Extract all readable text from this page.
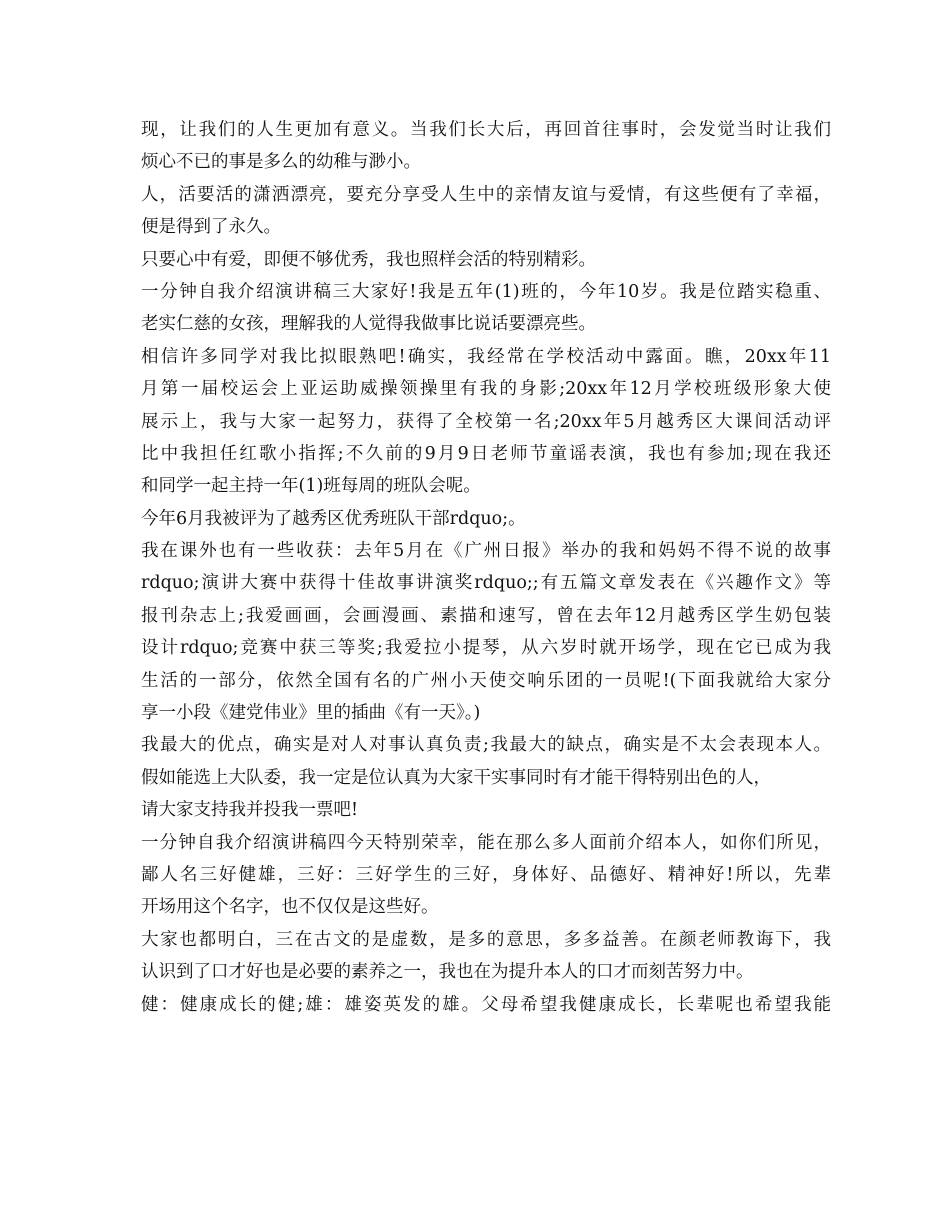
现，让我们的人生更加有意义。当我们长大后，再回首往事时，会发觉当时让我们
烦心不已的事是多么的幼稚与渺小。
人，活要活的潇洒漂亮，要充分享受人生中的亲情友谊与爱情，有这些便有了幸福，
便是得到了永久。
只要心中有爱，即便不够优秀，我也照样会活的特别精彩。
一分钟自我介绍演讲稿三大家好!我是五年(1)班的，今年10岁。我是位踏实稳重、
老实仁慈的女孩，理解我的人觉得我做事比说话要漂亮些。
相信许多同学对我比拟眼熟吧!确实，我经常在学校活动中露面。瞧，20xx年11
月第一届校运会上亚运助威操领操里有我的身影;20xx年12月学校班级形象大使
展示上，我与大家一起努力，获得了全校第一名;20xx年5月越秀区大课间活动评
比中我担任红歌小指挥;不久前的9月9日老师节童谣表演，我也有参加;现在我还
和同学一起主持一年(1)班每周的班队会呢。
今年6月我被评为了越秀区优秀班队干部rdquo;。
我在课外也有一些收获：去年5月在《广州日报》举办的我和妈妈不得不说的故事
rdquo;演讲大赛中获得十佳故事讲演奖rdquo;;有五篇文章发表在《兴趣作文》等
报刊杂志上;我爱画画，会画漫画、素描和速写，曾在去年12月越秀区学生奶包装
设计rdquo;竞赛中获三等奖;我爱拉小提琴，从六岁时就开场学，现在它已成为我
生活的一部分，依然全国有名的广州小天使交响乐团的一员呢!(下面我就给大家分
享一小段《建党伟业》里的插曲《有一天》。)
我最大的优点，确实是对人对事认真负责;我最大的缺点，确实是不太会表现本人。
假如能选上大队委，我一定是位认真为大家干实事同时有才能干得特别出色的人，
请大家支持我并投我一票吧!
一分钟自我介绍演讲稿四今天特别荣幸，能在那么多人面前介绍本人，如你们所见，
鄙人名三好健雄，三好：三好学生的三好，身体好、品德好、精神好!所以，先辈
开场用这个名字，也不仅仅是这些好。
大家也都明白，三在古文的是虚数，是多的意思，多多益善。在颜老师教诲下，我
认识到了口才好也是必要的素养之一，我也在为提升本人的口才而刻苦努力中。
健：健康成长的健;雄：雄姿英发的雄。父母希望我健康成长，长辈呢也希望我能
